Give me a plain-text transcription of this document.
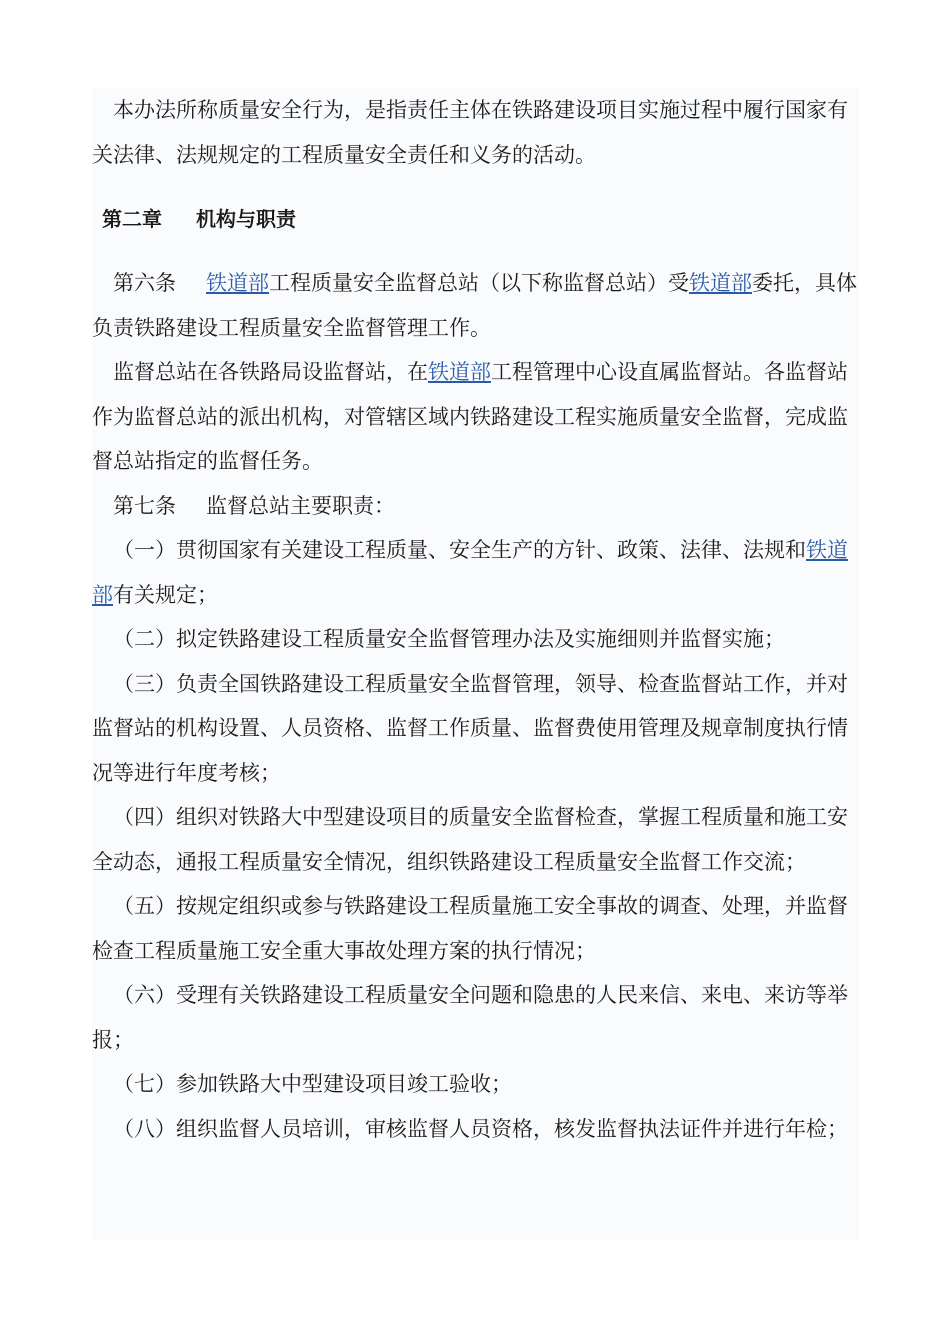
本办法所称质量安全行为，是指责任主体在铁路建设项目实施过程中履行国家有关法律、法规规定的工程质量安全责任和义务的活动。

第二章 机构与职责

第六条 铁道部工程质量安全监督总站（以下称监督总站）受铁道部委托，具体负责铁路建设工程质量安全监督管理工作。

监督总站在各铁路局设监督站，在铁道部工程管理中心设直属监督站。各监督站作为监督总站的派出机构，对管辖区域内铁路建设工程实施质量安全监督，完成监督总站指定的监督任务。

第七条 监督总站主要职责：

（一）贯彻国家有关建设工程质量、安全生产的方针、政策、法律、法规和铁道部有关规定；

（二）拟定铁路建设工程质量安全监督管理办法及实施细则并监督实施；

（三）负责全国铁路建设工程质量安全监督管理，领导、检查监督站工作，并对监督站的机构设置、人员资格、监督工作质量、监督费使用管理及规章制度执行情况等进行年度考核；

（四）组织对铁路大中型建设项目的质量安全监督检查，掌握工程质量和施工安全动态，通报工程质量安全情况，组织铁路建设工程质量安全监督工作交流；

（五）按规定组织或参与铁路建设工程质量施工安全事故的调查、处理，并监督检查工程质量施工安全重大事故处理方案的执行情况；

（六）受理有关铁路建设工程质量安全问题和隐患的人民来信、来电、来访等举报；

（七）参加铁路大中型建设项目竣工验收；

（八）组织监督人员培训，审核监督人员资格，核发监督执法证件并进行年检；
